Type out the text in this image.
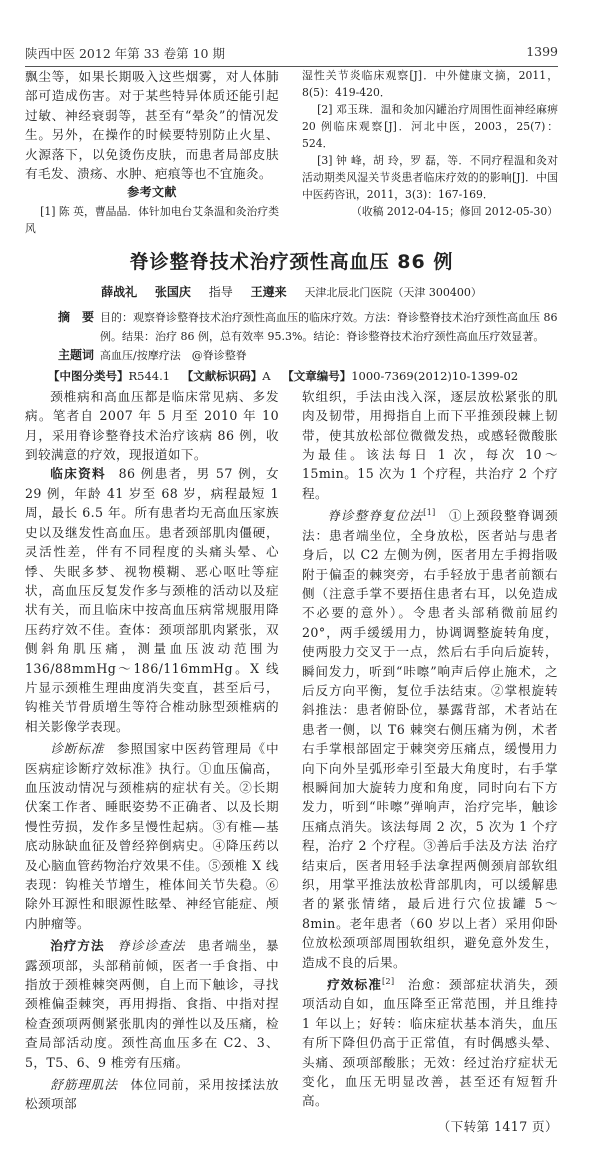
陕西中医 2012 年第 33 卷第 10 期	1399

飘尘等，如果长期吸入这些烟雾，对人体肺部可造成伤害。对于某些特异体质还能引起过敏、神经衰弱等，甚至有“晕灸”的情况发生。另外，在操作的时候要特别防止火星、火源落下，以免烫伤皮肤，而患者局部皮肤有毛发、溃疡、水肿、疤痕等也不宜施灸。

参考文献

[1] 陈 英，曹晶晶．体针加电台艾条温和灸治疗类风

湿性关节炎临床观察[J]．中外健康文摘，2011，8(5)：419-420．

[2] 邓玉珠．温和灸加闪罐治疗周围性面神经麻痹 20 例临床观察[J]．河北中医，2003，25(7)：524．

[3] 钟 峰，胡 玲，罗 磊，等．不同疗程温和灸对活动期类风湿关节炎患者临床疗效的的影响[J]．中国中医药咨讯，2011，3(3)：167-169．

（收稿 2012-04-15；修回 2012-05-30）

脊诊整脊技术治疗颈性高血压 86 例
薛战礼 张国庆 指导 王遵来 天津北辰北门医院（天津 300400）
摘　要 目的：观察脊诊整脊技术治疗颈性高血压的临床疗效。方法：脊诊整脊技术治疗颈性高血压 86 例。结果：治疗 86 例，总有效率 95.3%。结论：脊诊整脊技术治疗颈性高血压疗效显著。
主题词 高血压/按摩疗法　@脊诊整脊
【中图分类号】R544.1 【文献标识码】A 【文章编号】1000-7369(2012)10-1399-02

颈椎病和高血压都是临床常见病、多发病。笔者自 2007 年 5 月至 2010 年 10 月，采用脊诊整脊技术治疗该病 86 例，收到较满意的疗效，现报道如下。

临床资料 86 例患者，男 57 例，女 29 例，年龄 41 岁至 68 岁，病程最短 1 周，最长 6.5 年。所有患者均无高血压家族史以及继发性高血压。患者颈部肌肉僵硬，灵活性差，伴有不同程度的头痛头晕、心悸、失眠多梦、视物模糊、恶心呕吐等症状，高血压反复发作多与颈椎的活动以及症状有关，而且临床中按高血压病常规服用降压药疗效不佳。查体：颈项部肌肉紧张，双侧斜角肌压痛，测量血压波动范围为 136/88mmHg～186/116mmHg。X 线片显示颈椎生理曲度消失变直，甚至后弓，钩椎关节骨质增生等符合椎动脉型颈椎病的相关影像学表现。

诊断标准 参照国家中医药管理局《中医病症诊断疗效标准》执行。①血压偏高，血压波动情况与颈椎病的症状有关。②长期伏案工作者、睡眠姿势不正确者、以及长期慢性劳损，发作多呈慢性起病。③有椎—基底动脉缺血征及曾经猝倒病史。④降压药以及心脑血管药物治疗效果不佳。⑤颈椎 X 线表现：钩椎关节增生，椎体间关节失稳。⑥除外耳源性和眼源性眩晕、神经官能症、颅内肿瘤等。

治疗方法 脊诊诊查法 患者端坐，暴露颈项部，头部稍前倾，医者一手食指、中指放于颈椎棘突两侧，自上而下触诊，寻找颈椎偏歪棘突，再用拇指、食指、中指对捏检查颈项两侧紧张肌肉的弹性以及压痛，检查局部活动度。颈性高血压多在 C2、3、5，T5、6、9 椎旁有压痛。

舒筋理肌法 体位同前，采用按揉法放松颈项部

软组织，手法由浅入深，逐层放松紧张的肌肉及韧带，用拇指自上而下平推颈段棘上韧带，使其放松部位微微发热，或感轻微酸胀为最佳。该法每日 1 次，每次 10～15min。15 次为 1 个疗程，共治疗 2 个疗程。

脊诊整脊复位法[1] ①上颈段整脊调颈法：患者端坐位，全身放松，医者站与患者身后，以 C2 左侧为例，医者用左手拇指吸附于偏歪的棘突旁，右手轻放于患者前额右侧（注意手掌不要捂住患者右耳，以免造成不必要的意外）。令患者头部稍微前屈约 20°，两手缓缓用力，协调调整旋转角度，使两股力交叉于一点，然后右手向后旋转，瞬间发力，听到“咔嚓”响声后停止施术，之后反方向平衡，复位手法结束。②掌根旋转斜推法：患者俯卧位，暴露背部，术者站在患者一侧，以 T6 棘突右侧压痛为例，术者右手掌根部固定于棘突旁压痛点，缓慢用力向下向外呈弧形牵引至最大角度时，右手掌根瞬间加大旋转力度和角度，同时向右下方发力，听到“咔嚓”弹响声，治疗完毕，触诊压痛点消失。该法每周 2 次，5 次为 1 个疗程，治疗 2 个疗程。③善后手法及方法 治疗结束后，医者用轻手法拿捏两侧颈肩部软组织，用掌平推法放松背部肌肉，可以缓解患者的紧张情绪，最后进行穴位拔罐 5～8min。老年患者（60 岁以上者）采用仰卧位放松颈项部周围软组织，避免意外发生，造成不良的后果。

疗效标准[2] 治愈：颈部症状消失，颈项活动自如，血压降至正常范围，并且维持 1 年以上；好转：临床症状基本消失，血压有所下降但仍高于正常值，有时偶感头晕、头痛、颈项部酸胀；无效：经过治疗症状无变化，血压无明显改善，甚至还有短暂升高。

（下转第 1417 页）
